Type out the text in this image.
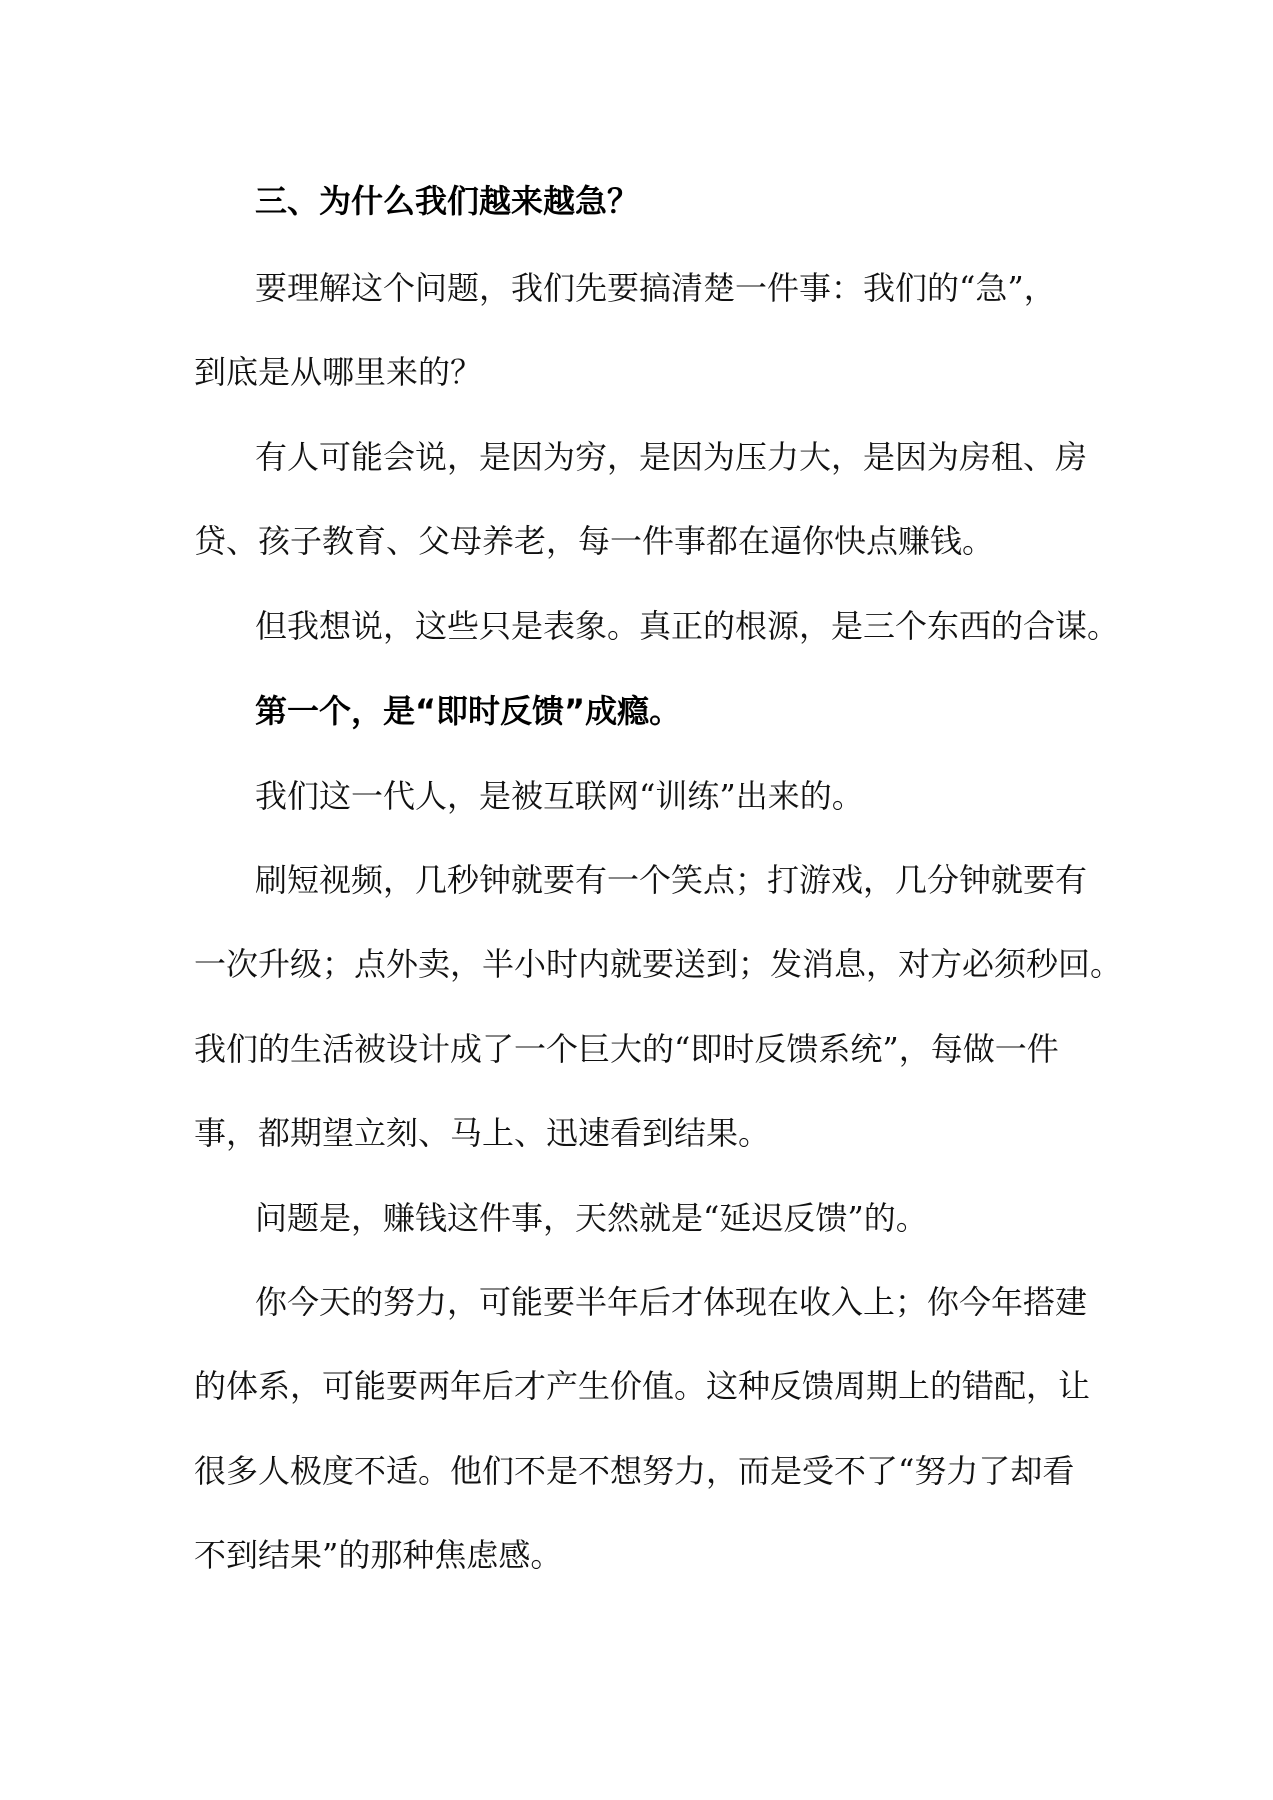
三、为什么我们越来越急？
要理解这个问题，我们先要搞清楚一件事：我们的“急”，
到底是从哪里来的？
有人可能会说，是因为穷，是因为压力大，是因为房租、房
贷、孩子教育、父母养老，每一件事都在逼你快点赚钱。
但我想说，这些只是表象。真正的根源，是三个东西的合谋。
第一个，是“即时反馈”成瘾。
我们这一代人，是被互联网“训练”出来的。
刷短视频，几秒钟就要有一个笑点；打游戏，几分钟就要有
一次升级；点外卖，半小时内就要送到；发消息，对方必须秒回。
我们的生活被设计成了一个巨大的“即时反馈系统”，每做一件
事，都期望立刻、马上、迅速看到结果。
问题是，赚钱这件事，天然就是“延迟反馈”的。
你今天的努力，可能要半年后才体现在收入上；你今年搭建
的体系，可能要两年后才产生价值。这种反馈周期上的错配，让
很多人极度不适。他们不是不想努力，而是受不了“努力了却看
不到结果”的那种焦虑感。
